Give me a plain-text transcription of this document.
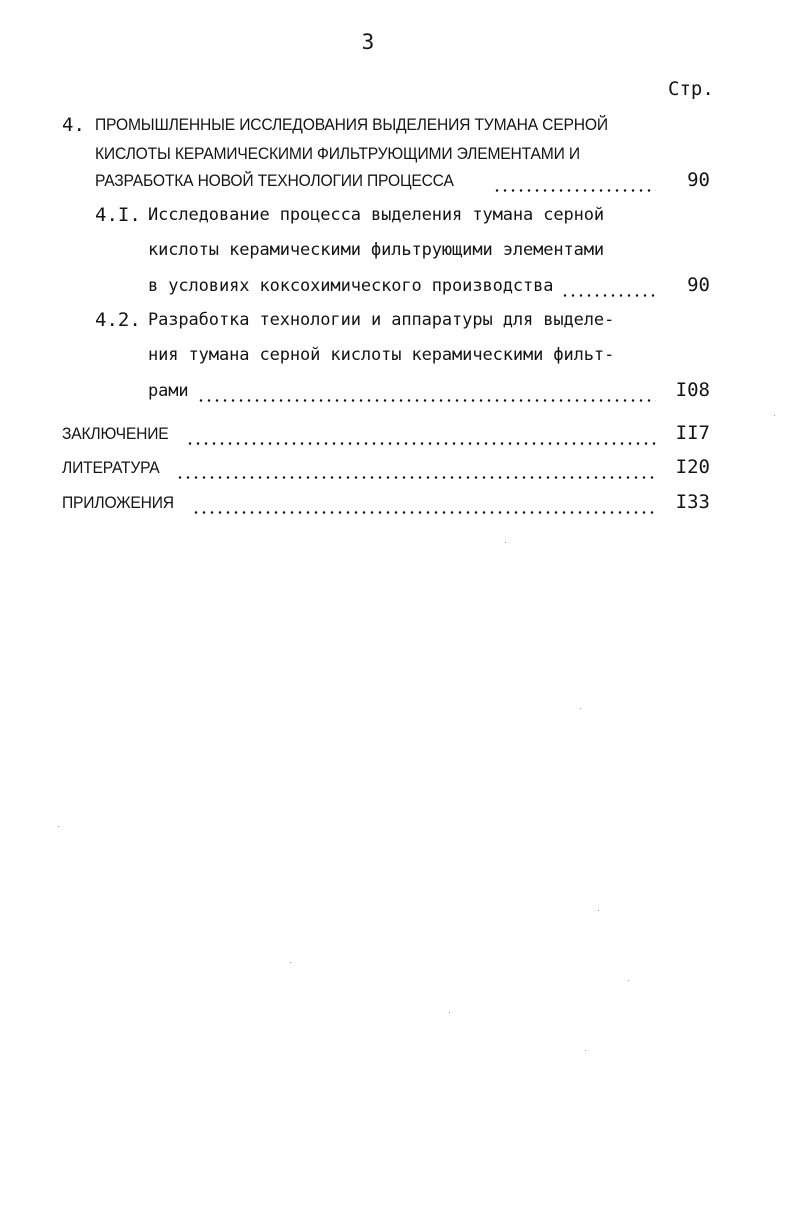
3
Стр.
4. ПРОМЫШЛЕННЫЕ ИССЛЕДОВАНИЯ ВЫДЕЛЕНИЯ ТУМАНА СЕРНОЙ
КИСЛОТЫ КЕРАМИЧЕСКИМИ ФИЛЬТРУЮЩИМИ ЭЛЕМЕНТАМИ И
РАЗРАБОТКА НОВОЙ ТЕХНОЛОГИИ ПРОЦЕССА	90
4.I. Исследование процесса выделения тумана серной
кислоты керамическими фильтрующими элементами
в условиях коксохимического производства	90
4.2. Разработка технологии и аппаратуры для выделе-
ния тумана серной кислоты керамическими фильт-
рами	I08
ЗАКЛЮЧЕНИЕ	II7
ЛИТЕРАТУРА	I20
ПРИЛОЖЕНИЯ	I33
